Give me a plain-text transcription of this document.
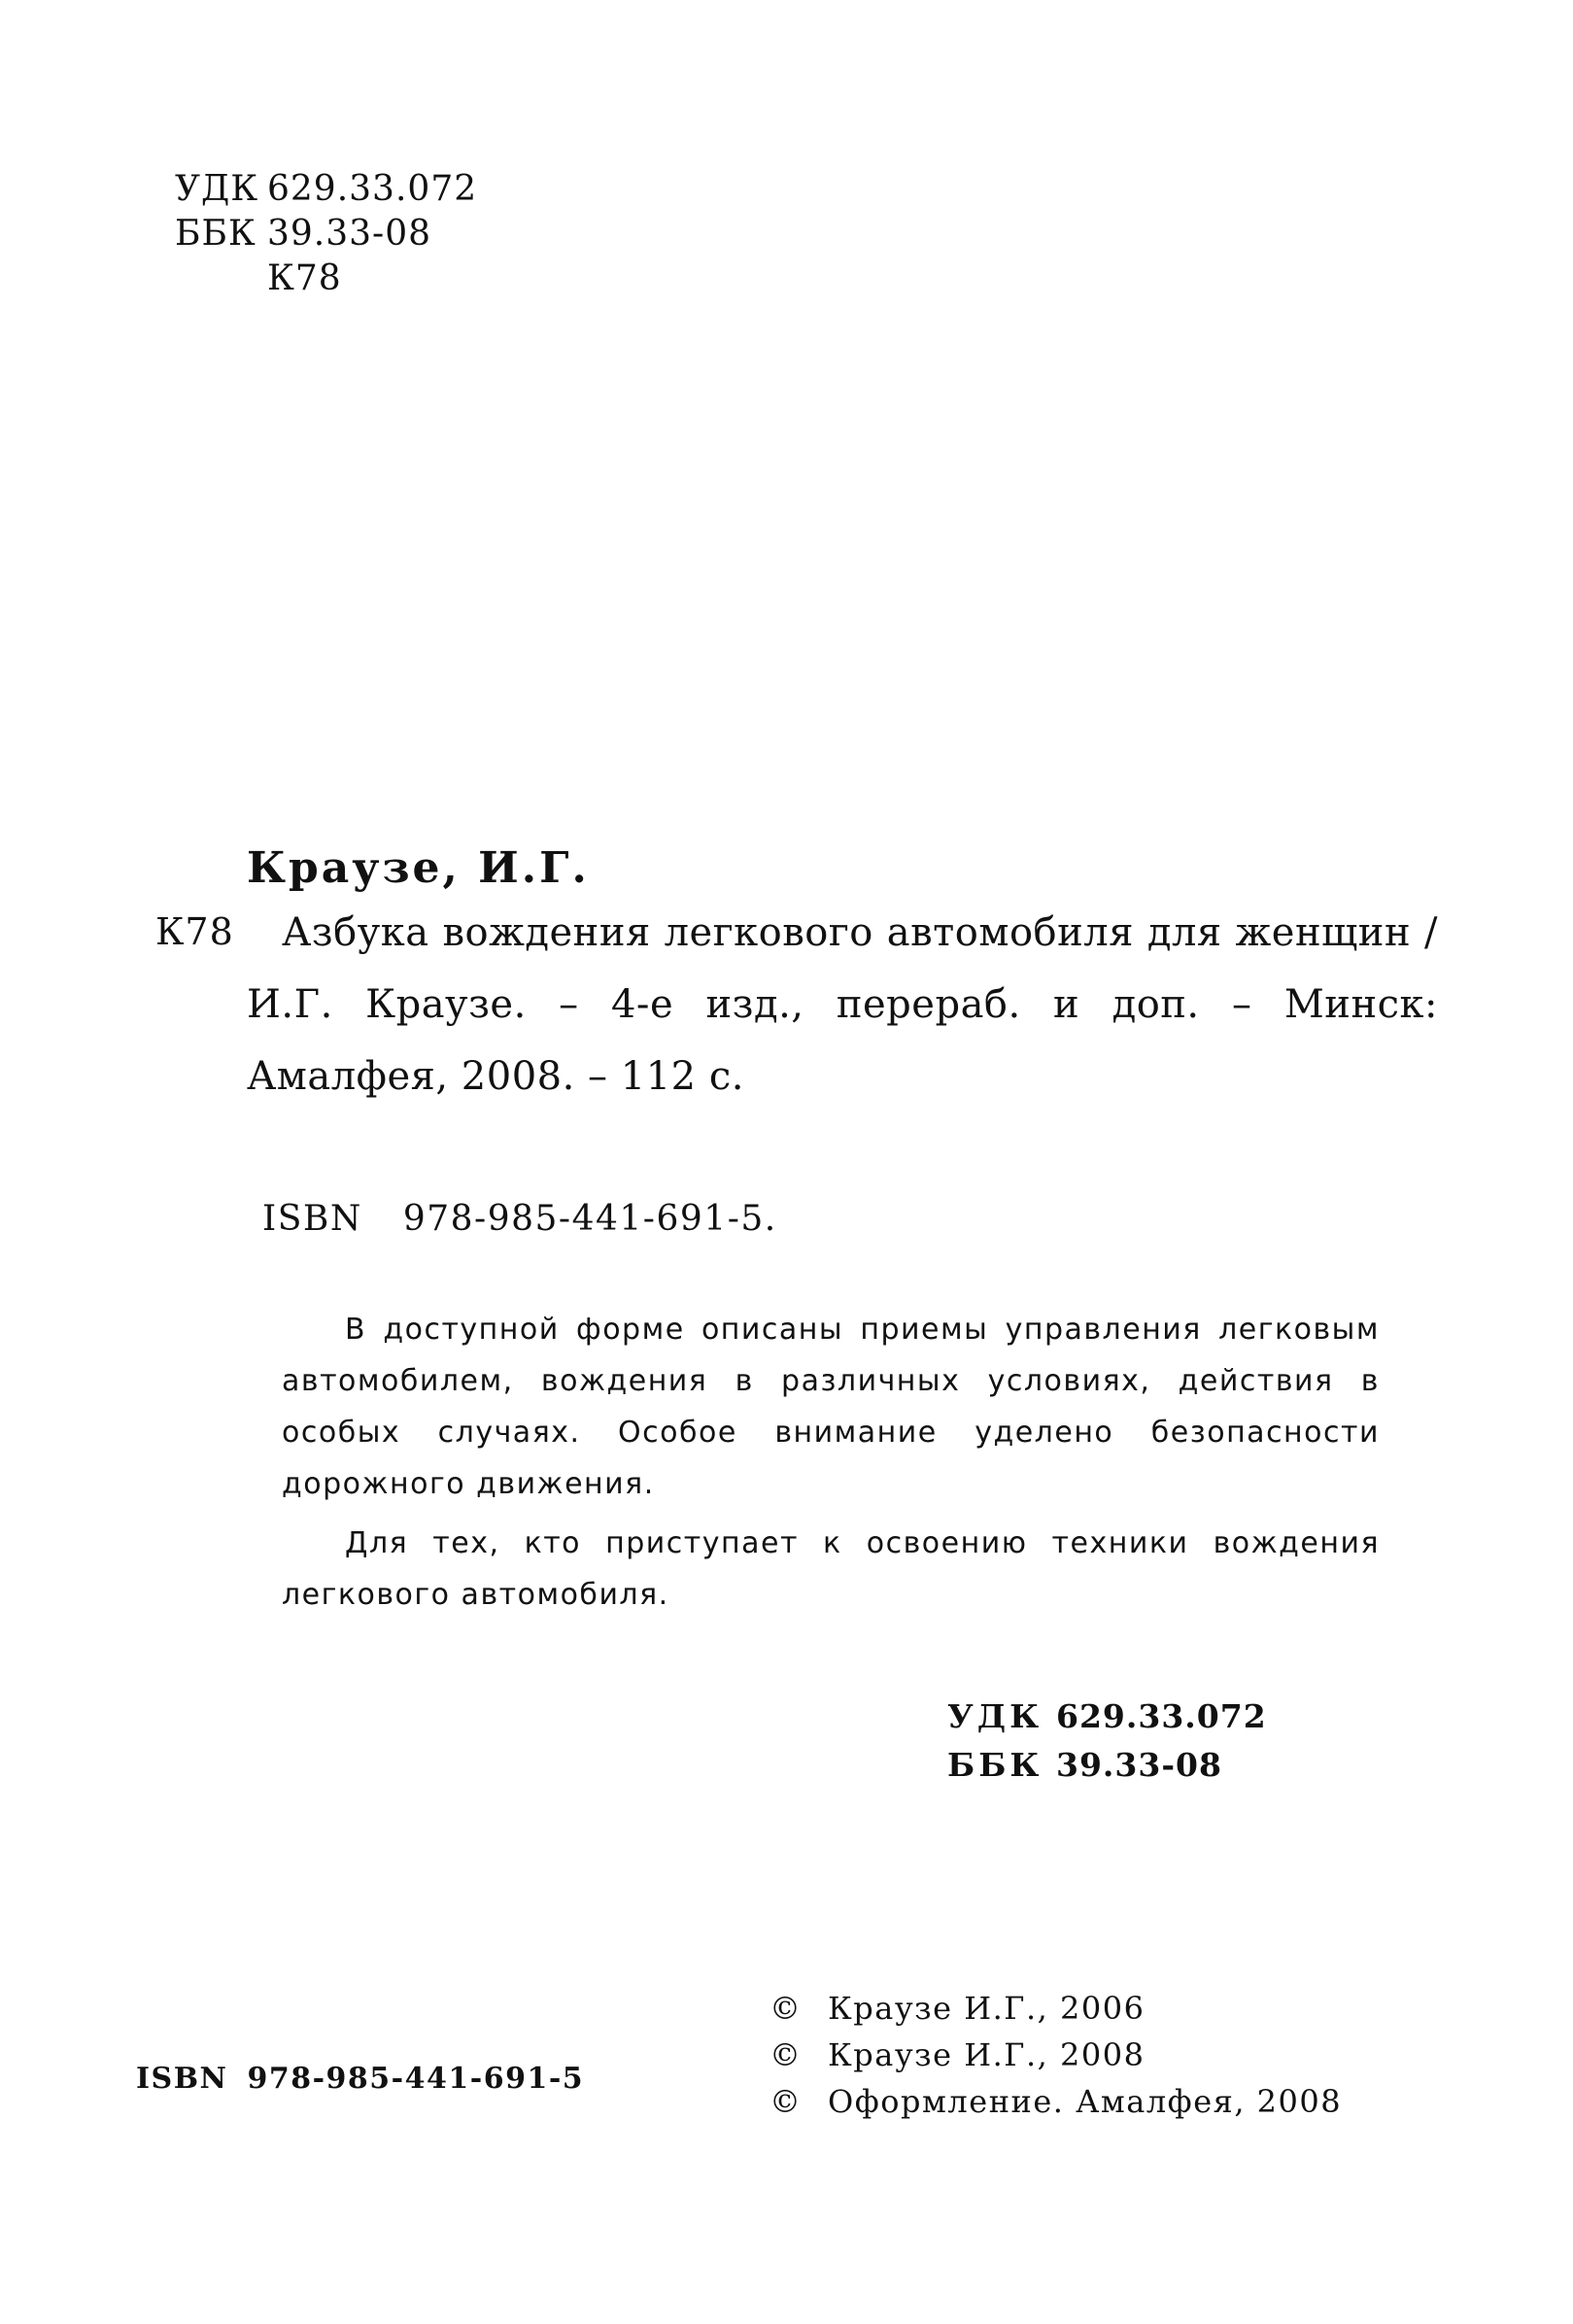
УДК 629.33.072
ББК 39.33-08
К78
Краузе, И.Г.
К78	Азбука вождения легкового автомобиля для женщин / И.Г. Краузе. – 4-е изд., перераб. и доп. – Минск: Амалфея, 2008. – 112 с.
ISBN 978-985-441-691-5.

В доступной форме описаны приемы управления легковым автомобилем, вождения в различных условиях, действия в особых случаях. Особое внимание уделено безопасности дорожного движения.

Для тех, кто приступает к освоению техники вождения легкового автомобиля.

УДК 629.33.072
ББК 39.33-08
© Краузе И.Г., 2006
© Краузе И.Г., 2008
© Оформление. Амалфея, 2008
ISBN 978-985-441-691-5
